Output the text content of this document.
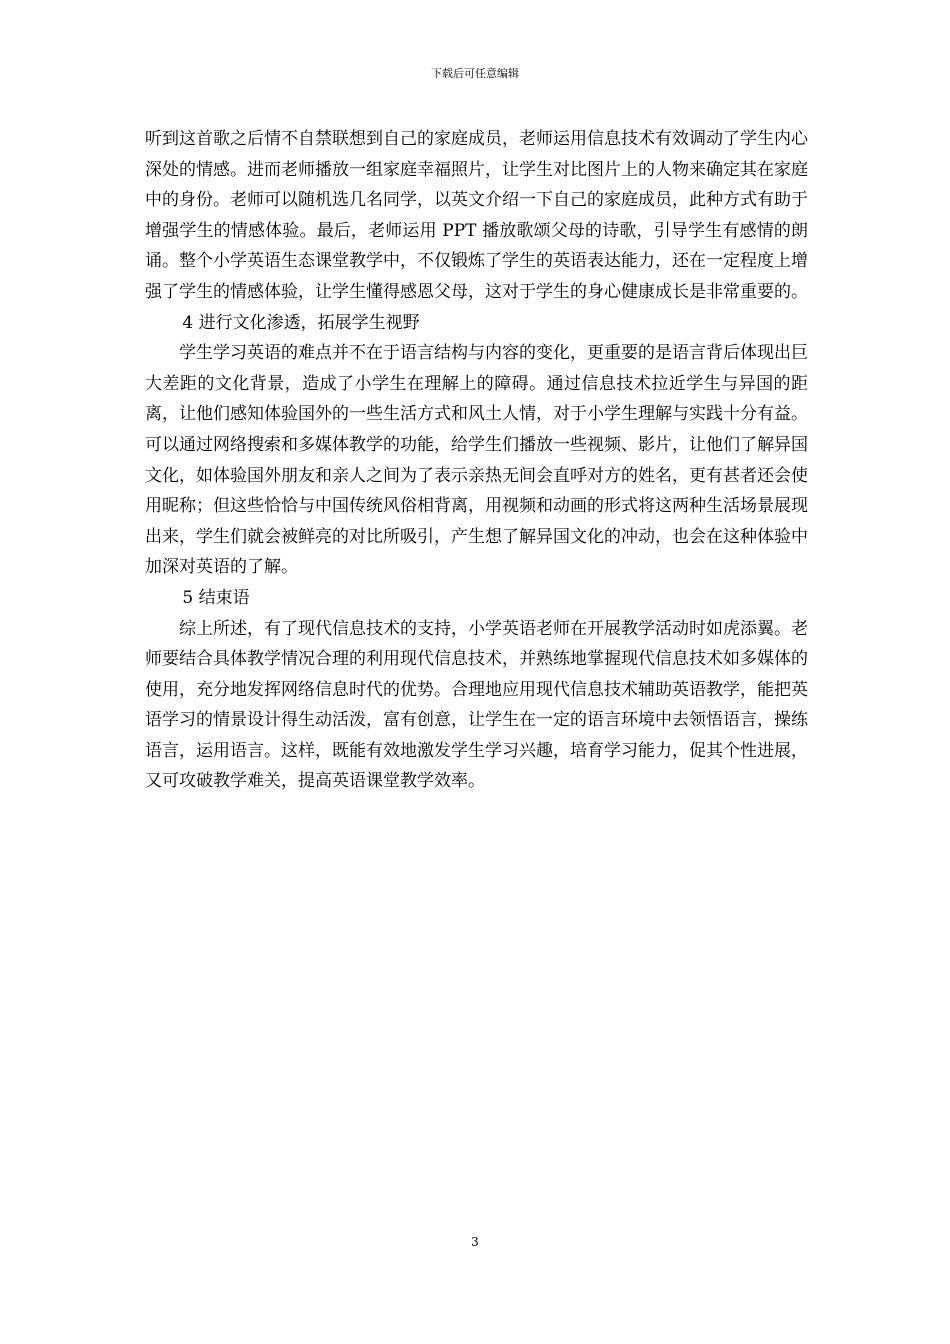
下载后可任意编辑

听到这首歌之后情不自禁联想到自己的家庭成员，老师运用信息技术有效调动了学生内心深处的情感。进而老师播放一组家庭幸福照片，让学生对比图片上的人物来确定其在家庭中的身份。老师可以随机选几名同学，以英文介绍一下自己的家庭成员，此种方式有助于增强学生的情感体验。最后，老师运用 PPT 播放歌颂父母的诗歌，引导学生有感情的朗诵。整个小学英语生态课堂教学中，不仅锻炼了学生的英语表达能力，还在一定程度上增强了学生的情感体验，让学生懂得感恩父母，这对于学生的身心健康成长是非常重要的。

4 进行文化渗透，拓展学生视野

学生学习英语的难点并不在于语言结构与内容的变化，更重要的是语言背后体现出巨大差距的文化背景，造成了小学生在理解上的障碍。通过信息技术拉近学生与异国的距离，让他们感知体验国外的一些生活方式和风土人情，对于小学生理解与实践十分有益。可以通过网络搜索和多媒体教学的功能，给学生们播放一些视频、影片，让他们了解异国文化，如体验国外朋友和亲人之间为了表示亲热无间会直呼对方的姓名，更有甚者还会使用昵称；但这些恰恰与中国传统风俗相背离，用视频和动画的形式将这两种生活场景展现出来，学生们就会被鲜亮的对比所吸引，产生想了解异国文化的冲动，也会在这种体验中加深对英语的了解。

5 结束语

综上所述，有了现代信息技术的支持，小学英语老师在开展教学活动时如虎添翼。老师要结合具体教学情况合理的利用现代信息技术，并熟练地掌握现代信息技术如多媒体的使用，充分地发挥网络信息时代的优势。合理地应用现代信息技术辅助英语教学，能把英语学习的情景设计得生动活泼，富有创意，让学生在一定的语言环境中去领悟语言，操练语言，运用语言。这样，既能有效地激发学生学习兴趣，培育学习能力，促其个性进展，又可攻破教学难关，提高英语课堂教学效率。

3
